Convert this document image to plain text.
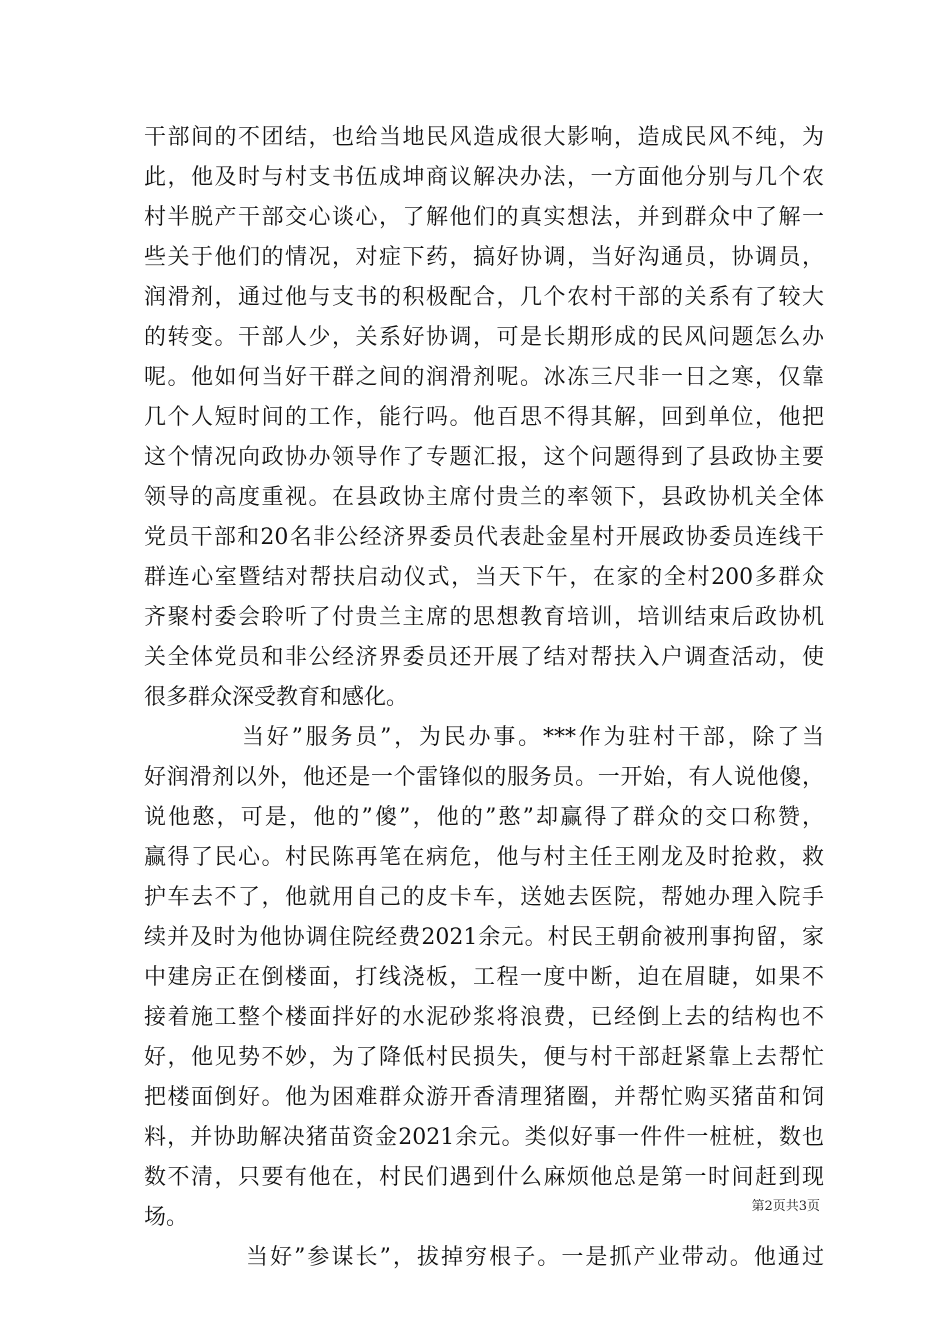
干部间的不团结，也给当地民风造成很大影响，造成民风不纯，为
此，他及时与村支书伍成坤商议解决办法，一方面他分别与几个农
村半脱产干部交心谈心，了解他们的真实想法，并到群众中了解一
些关于他们的情况，对症下药，搞好协调，当好沟通员，协调员，
润滑剂，通过他与支书的积极配合，几个农村干部的关系有了较大
的转变。干部人少，关系好协调，可是长期形成的民风问题怎么办
呢。他如何当好干群之间的润滑剂呢。冰冻三尺非一日之寒，仅靠
几个人短时间的工作，能行吗。他百思不得其解，回到单位，他把
这个情况向政协办领导作了专题汇报，这个问题得到了县政协主要
领导的高度重视。在县政协主席付贵兰的率领下，县政协机关全体
党员干部和20名非公经济界委员代表赴金星村开展政协委员连线干
群连心室暨结对帮扶启动仪式，当天下午，在家的全村200多群众
齐聚村委会聆听了付贵兰主席的思想教育培训，培训结束后政协机
关全体党员和非公经济界委员还开展了结对帮扶入户调查活动，使
很多群众深受教育和感化。
当好”服务员”，为民办事。***作为驻村干部，除了当
好润滑剂以外，他还是一个雷锋似的服务员。一开始，有人说他傻，
说他憨，可是，他的”傻”，他的”憨”却赢得了群众的交口称赞，
赢得了民心。村民陈再笔在病危，他与村主任王刚龙及时抢救，救
护车去不了，他就用自己的皮卡车，送她去医院，帮她办理入院手
续并及时为他协调住院经费2021余元。村民王朝俞被刑事拘留，家
中建房正在倒楼面，打线浇板，工程一度中断，迫在眉睫，如果不
接着施工整个楼面拌好的水泥砂浆将浪费，已经倒上去的结构也不
好，他见势不妙，为了降低村民损失，便与村干部赶紧靠上去帮忙
把楼面倒好。他为困难群众游开香清理猪圈，并帮忙购买猪苗和饲
料，并协助解决猪苗资金2021余元。类似好事一件件一桩桩，数也
数不清，只要有他在，村民们遇到什么麻烦他总是第一时间赶到现
场。
当好”参谋长”，拔掉穷根子。一是抓产业带动。他通过
第2页共3页
